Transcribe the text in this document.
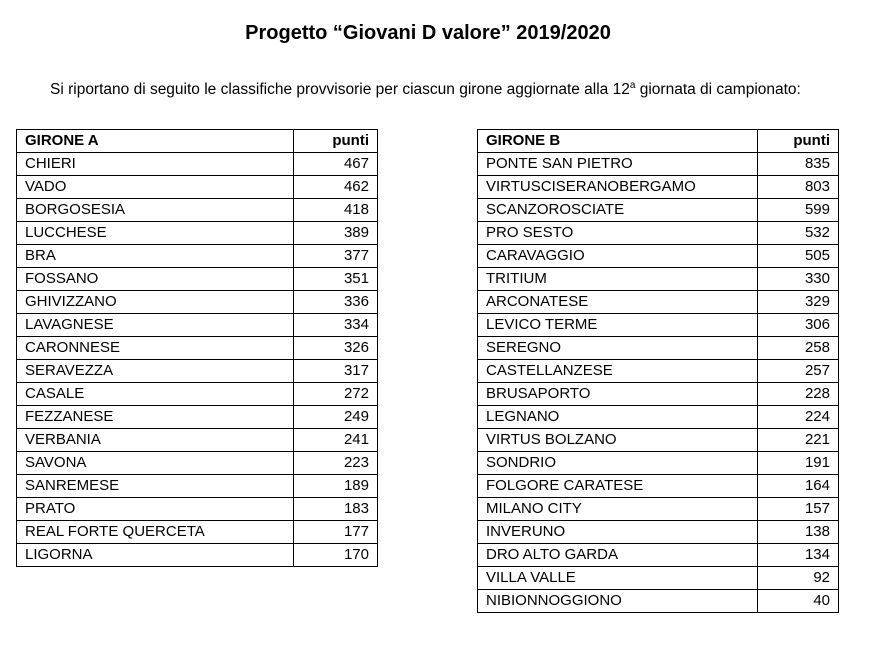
Progetto “Giovani D valore” 2019/2020

Si riportano di seguito le classifiche provvisorie per ciascun girone aggiornate alla 12$^a$ giornata di campionato:

GIRONE A	punti
CHIERI	467
VADO	462
BORGOSESIA	418
LUCCHESE	389
BRA	377
FOSSANO	351
GHIVIZZANO	336
LAVAGNESE	334
CARONNESE	326
SERAVEZZA	317
CASALE	272
FEZZANESE	249
VERBANIA	241
SAVONA	223
SANREMESE	189
PRATO	183
REAL FORTE QUERCETA	177
LIGORNA	170
GIRONE B	punti
PONTE SAN PIETRO	835
VIRTUSCISERANOBERGAMO	803
SCANZOROSCIATE	599
PRO SESTO	532
CARAVAGGIO	505
TRITIUM	330
ARCONATESE	329
LEVICO TERME	306
SEREGNO	258
CASTELLANZESE	257
BRUSAPORTO	228
LEGNANO	224
VIRTUS BOLZANO	221
SONDRIO	191
FOLGORE CARATESE	164
MILANO CITY	157
INVERUNO	138
DRO ALTO GARDA	134
VILLA VALLE	92
NIBIONNOGGIONO	40
